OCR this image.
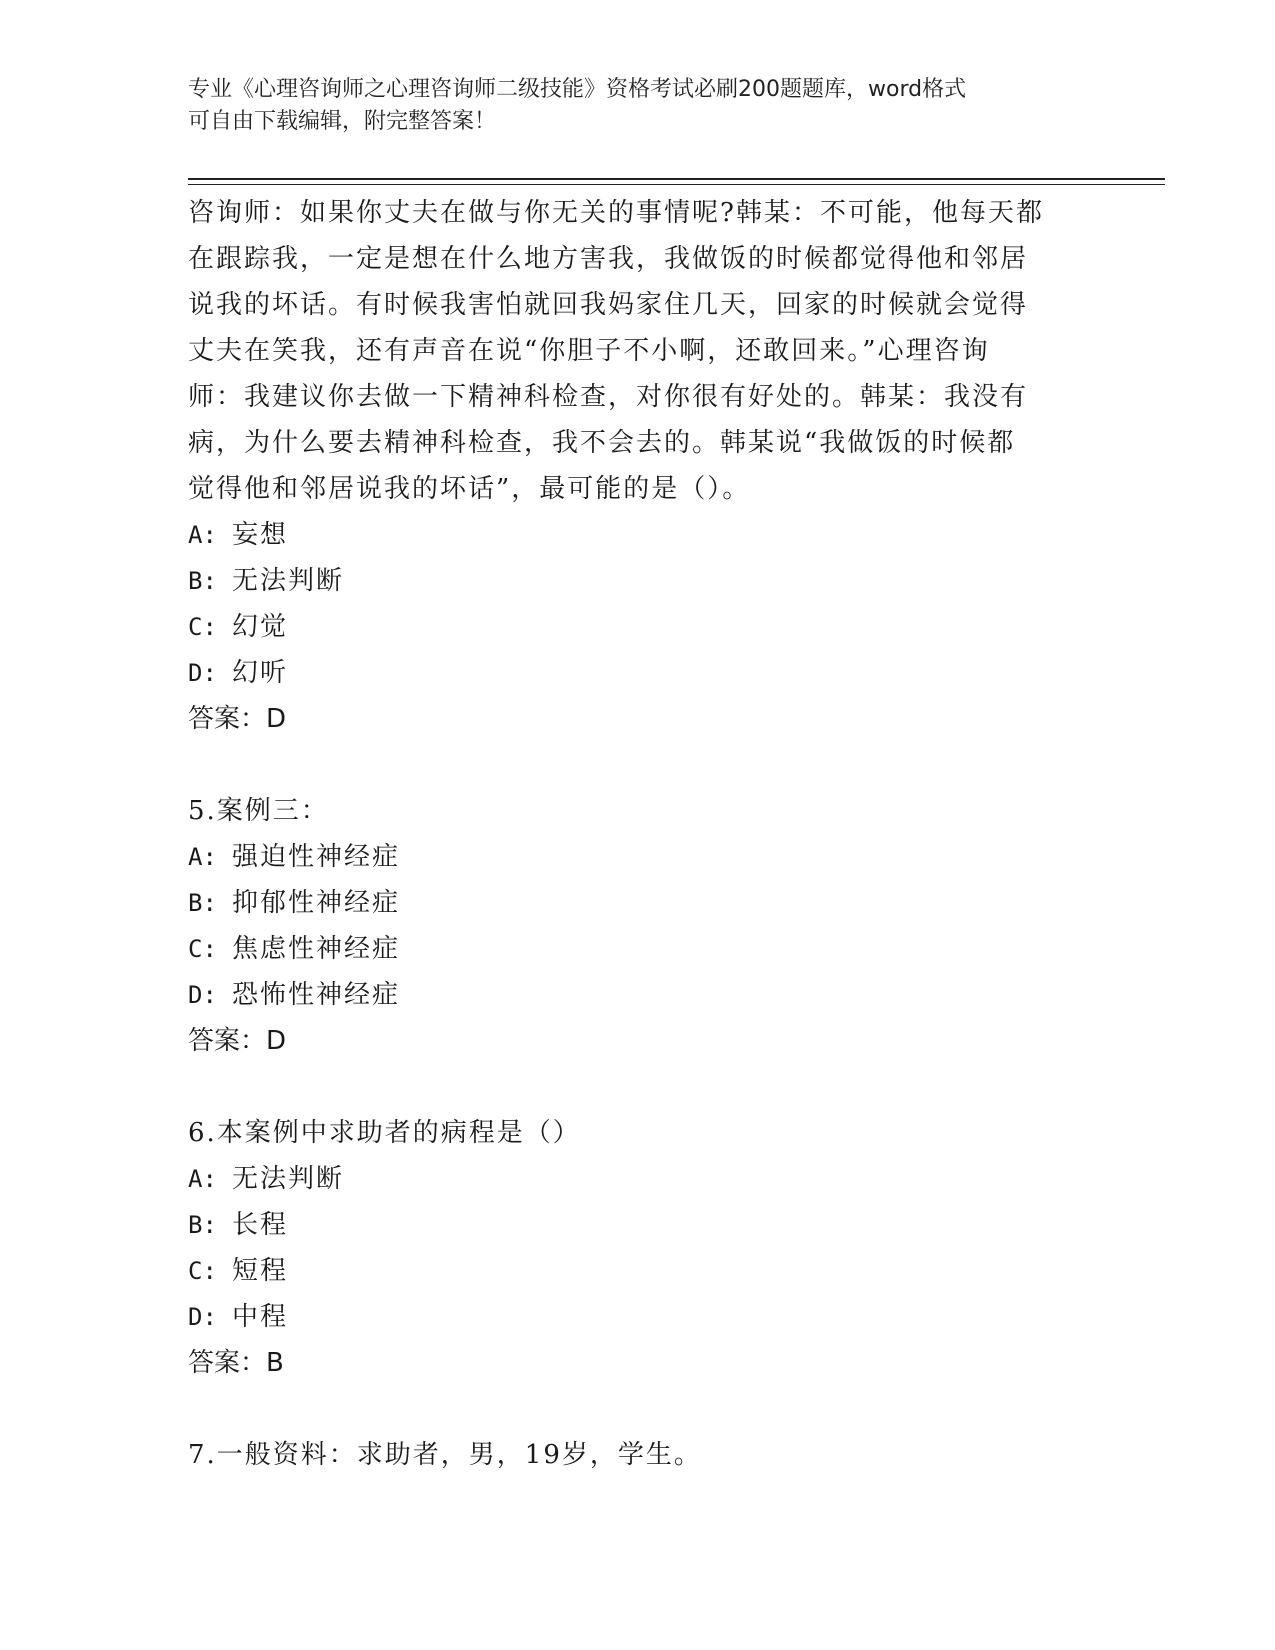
专业《心理咨询师之心理咨询师二级技能》资格考试必刷200题题库，word格式
可自由下载编辑，附完整答案！
咨询师：如果你丈夫在做与你无关的事情呢?韩某：不可能，他每天都
在跟踪我，一定是想在什么地方害我，我做饭的时候都觉得他和邻居
说我的坏话。有时候我害怕就回我妈家住几天，回家的时候就会觉得
丈夫在笑我，还有声音在说“你胆子不小啊，还敢回来。”心理咨询
师：我建议你去做一下精神科检查，对你很有好处的。韩某：我没有
病，为什么要去精神科检查，我不会去的。韩某说“我做饭的时候都
觉得他和邻居说我的坏话”，最可能的是（）。
A: 妄想
B: 无法判断
C: 幻觉
D: 幻听
答案：D
5.案例三：
A: 强迫性神经症
B: 抑郁性神经症
C: 焦虑性神经症
D: 恐怖性神经症
答案：D
6.本案例中求助者的病程是（）
A: 无法判断
B: 长程
C: 短程
D: 中程
答案：B
7.一般资料：求助者，男，19岁，学生。
